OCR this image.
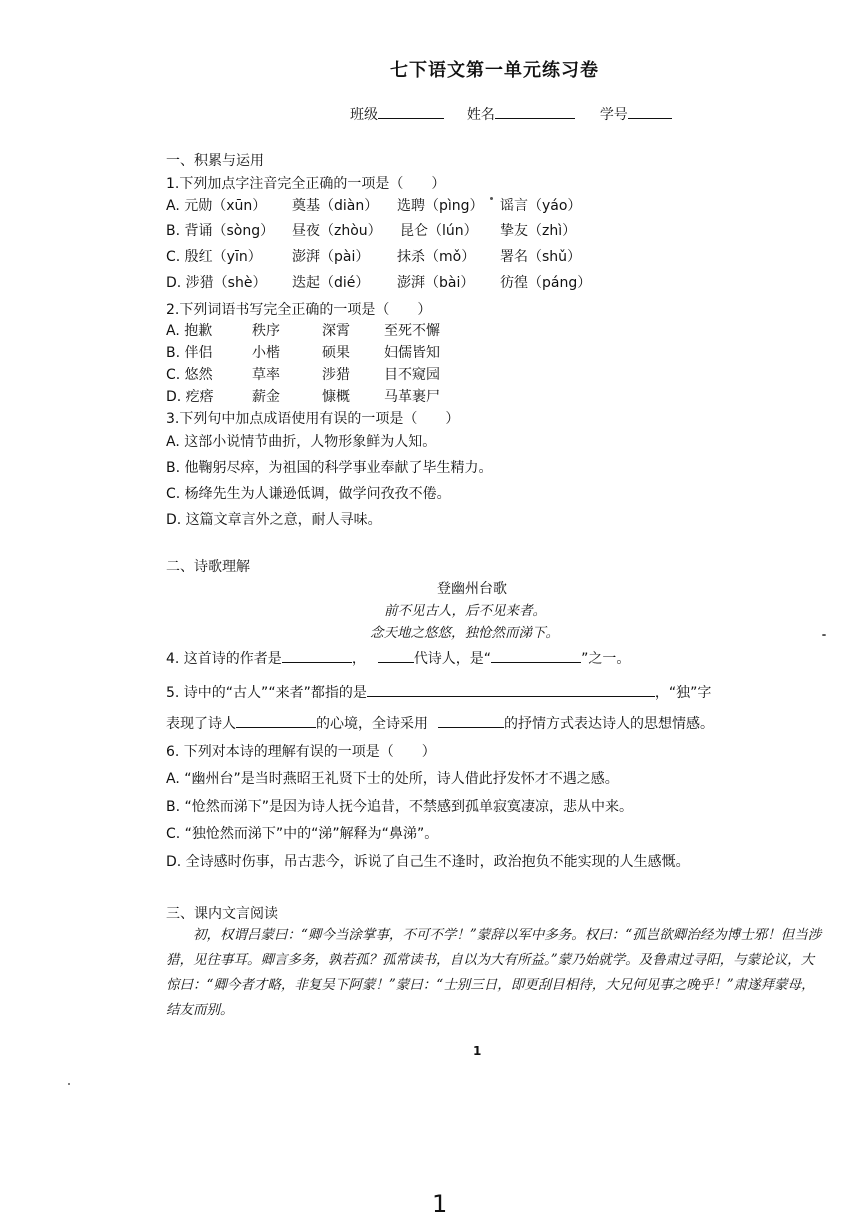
七下语文第一单元练习卷
班级	姓名	学号
一、积累与运用
1.下列加点字注音完全正确的一项是（　　）
A. 元勋（xūn） 奠基（diàn） 选聘（pìng） 谣言（yáo）
B. 背诵（sòng） 昼夜（zhòu） 昆仑（lún） 挚友（zhì）
C. 殷红（yīn） 澎湃（pài） 抹杀（mǒ） 署名（shǔ）
D. 涉猎（shè） 迭起（dié） 澎湃（bài） 彷徨（páng）
2.下列词语书写完全正确的一项是（　　）
A. 抱歉	秩序	深霄 至死不懈
B. 伴侣	小楷	硕果 妇儒皆知
C. 悠然	草率	涉猎 目不窥园
D. 疙瘩	薪金	慷概 马革裹尸
3.下列句中加点成语使用有误的一项是（　　）
A. 这部小说情节曲折，人物形象鲜为人知。
B. 他鞠躬尽瘁，为祖国的科学事业奉献了毕生精力。
C. 杨绛先生为人谦逊低调，做学问孜孜不倦。
D. 这篇文章言外之意，耐人寻味。
二、诗歌理解
登幽州台歌
前不见古人，后不见来者。
念天地之悠悠，独怆然而涕下。
4. 这首诗的作者是	，	代诗人，是“	”之一。
5. 诗中的“古人”“来者”都指的是	，“独”字
表现了诗人	的心境，全诗采用	的抒情方式表达诗人的思想情感。
6. 下列对本诗的理解有误的一项是（　　）
A. “幽州台”是当时燕昭王礼贤下士的处所，诗人借此抒发怀才不遇之感。
B. “怆然而涕下”是因为诗人抚今追昔，不禁感到孤单寂寞凄凉，悲从中来。
C. “独怆然而涕下”中的“涕”解释为“鼻涕”。
D. 全诗感时伤事，吊古悲今，诉说了自己生不逢时，政治抱负不能实现的人生感慨。
三、课内文言阅读
初，权谓吕蒙曰：“卿今当涂掌事，不可不学！”蒙辞以军中多务。权曰：“孤岂欲卿治经为博士邪！但当涉猎，见往事耳。卿言多务，孰若孤？孤常读书，自以为大有所益。”蒙乃始就学。及鲁肃过寻阳，与蒙论议，大惊曰：“卿今者才略，非复吴下阿蒙！”蒙曰：“士别三日，即更刮目相待，大兄何见事之晚乎！”肃遂拜蒙母，结友而别。
1
1
